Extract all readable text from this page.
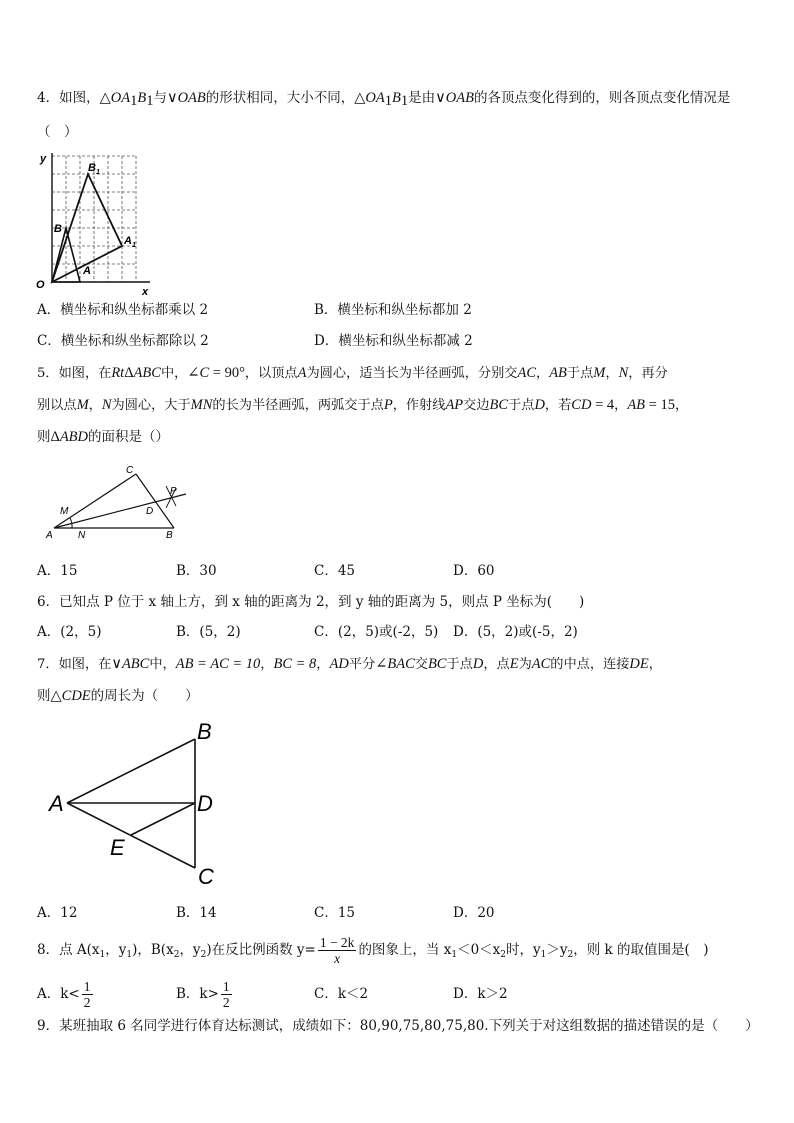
4．如图，$\triangle OA_1B_1$与∨OAB的形状相同，大小不同，$\triangle OA_1B_1$是由∨OAB的各顶点变化得到的，则各顶点变化情况是
（　）
y
x
O
A
B
$A_1$
$B_1$
A．横坐标和纵坐标都乘以 2	B．横坐标和纵坐标都加 2
C．横坐标和纵坐标都除以 2	D．横坐标和纵坐标都减 2
5．如图，在RtΔABC中，∠C = 90°，以顶点A为圆心，适当长为半径画弧，分别交AC，AB于点M，N，再分
别以点M，N为圆心，大于MN的长为半径画弧，两弧交于点P，作射线AP交边BC于点D，若CD = 4，AB = 15，
则ΔABD的面积是（）
C
P
M	D
A	N	B
A．15	B．30	C．45	D．60
6．已知点 P 位于 x 轴上方，到 x 轴的距离为 2，到 y 轴的距离为 5，则点 P 坐标为(　　)
A．(2，5)	B．(5，2)	C．(2，5)或(-2，5) D．(5，2)或(-5，2)
7．如图，在∨ABC中，AB = AC = 10，BC = 8，AD平分∠BAC交BC于点D，点E为AC的中点，连接DE，
则△CDE的周长为（　　）
A
B
D
E
C
A．12	B．14	C．15	D．20
8．点 $A(x_1$，$y_1$)，$B(x_2$，$y_2$)在反比例函数 $y= \frac{1 - 2k}{x}$ 的图象上，当 $x_1<0<x_2$时，$y_1>y_2$，则 k 的取值围是(　)
A．$k< \frac{1}{2}$	B．$k> \frac{1}{2}$	C．k＜2	D．k＞2
9．某班抽取 6 名同学进行体育达标测试，成绩如下：80,90,75,80,75,80.下列关于对这组数据的描述错误的是（　　）
